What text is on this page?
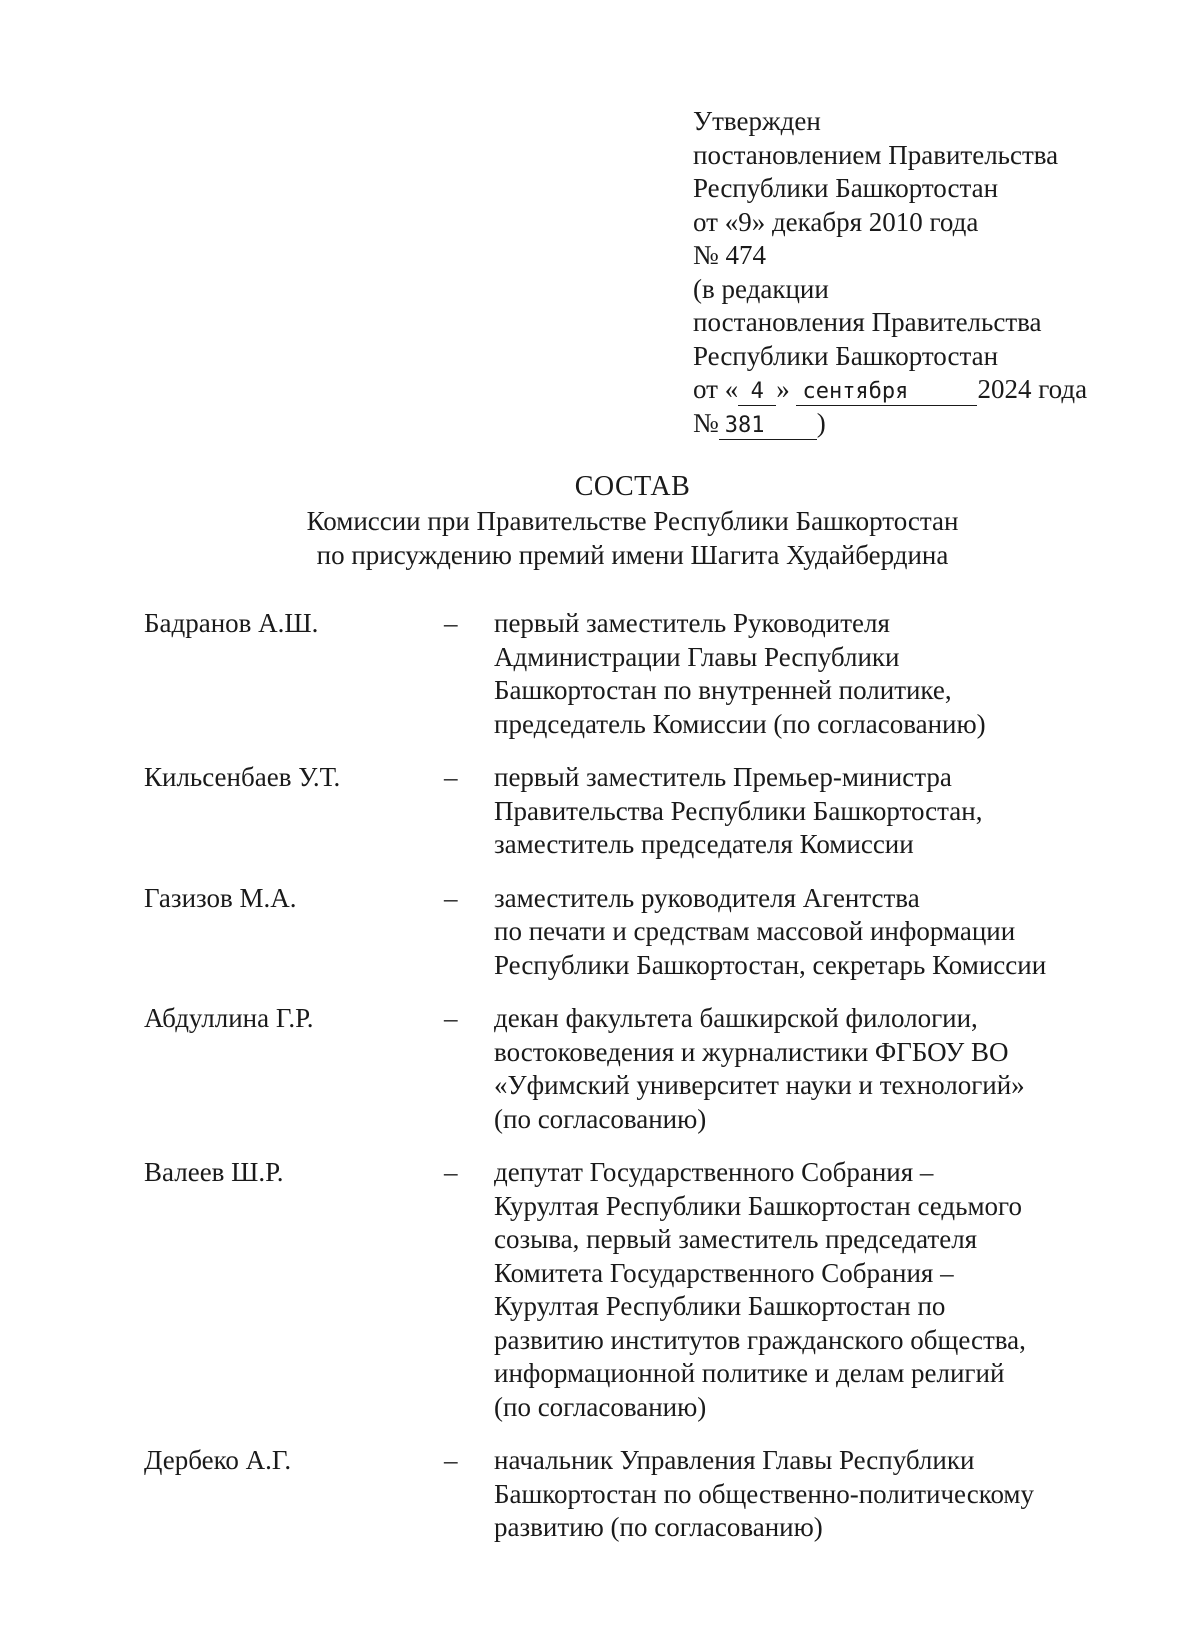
Утвержден
постановлением Правительства
Республики Башкортостан
от «9» декабря 2010 года
№ 474
(в редакции
постановления Правительства
Республики Башкортостан
от « 4 » сентября	2024 года
№ 381 )
СОСТАВ
Комиссии при Правительстве Республики Башкортостан
по присуждению премий имени Шагита Худайбердина
Бадранов А.Ш.	–	первый заместитель Руководителя
Администрации Главы Республики
Башкортостан по внутренней политике,
председатель Комиссии (по согласованию)
Кильсенбаев У.Т.	–	первый заместитель Премьер-министра
Правительства Республики Башкортостан,
заместитель председателя Комиссии
Газизов М.А.	–	заместитель руководителя Агентства
по печати и средствам массовой информации
Республики Башкортостан, секретарь Комиссии
Абдуллина Г.Р.	–	декан факультета башкирской филологии,
востоковедения и журналистики ФГБОУ ВО
«Уфимский университет науки и технологий»
(по согласованию)
Валеев Ш.Р.	–	депутат Государственного Собрания –
Курултая Республики Башкортостан седьмого
созыва, первый заместитель председателя
Комитета Государственного Собрания –
Курултая Республики Башкортостан по
развитию институтов гражданского общества,
информационной политике и делам религий
(по согласованию)
Дербеко А.Г.	–	начальник Управления Главы Республики
Башкортостан по общественно-политическому
развитию (по согласованию)
